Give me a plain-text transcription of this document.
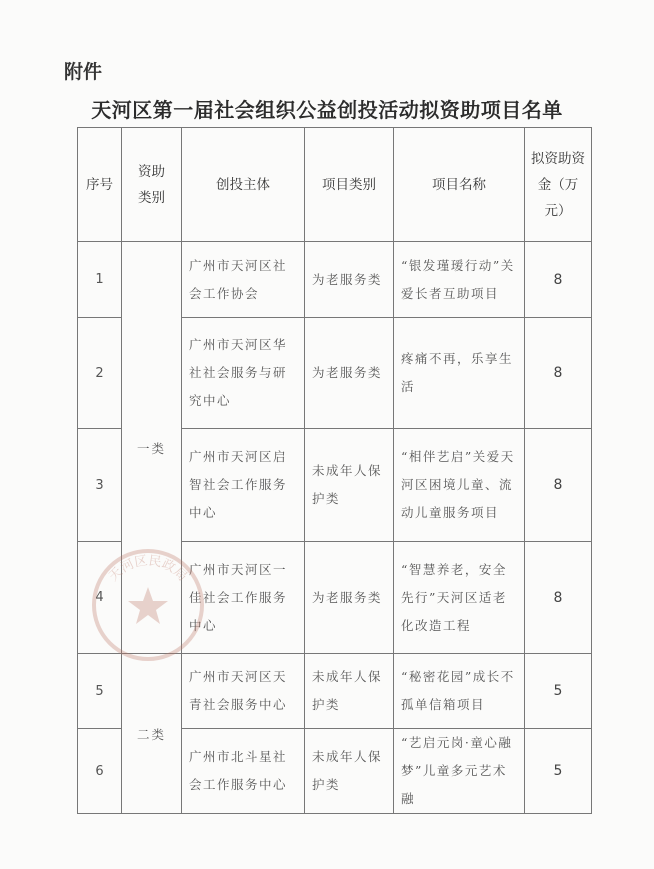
附件
天河区第一届社会组织公益创投活动拟资助项目名单
序号	资助类别	创投主体	项目类别	项目名称	拟资助资金（万元）
1	一类	广州市天河区社会工作协会	为老服务类	“银发瑾瑷行动”关爱长者互助项目	8
2		广州市天河区华社社会服务与研究中心	为老服务类	疼痛不再，乐享生活	8
3		广州市天河区启智社会工作服务中心	未成年人保护类	“相伴艺启”关爱天河区困境儿童、流动儿童服务项目	8
4		广州市天河区一佳社会工作服务中心	为老服务类	“智慧养老，安全先行”天河区适老化改造工程	8
5	二类	广州市天河区天青社会服务中心	未成年人保护类	“秘密花园”成长不孤单信箱项目	5
6		广州市北斗星社会工作服务中心	未成年人保护类	“艺启元岗·童心融梦”儿童多元艺术融	5
天河区民政局
